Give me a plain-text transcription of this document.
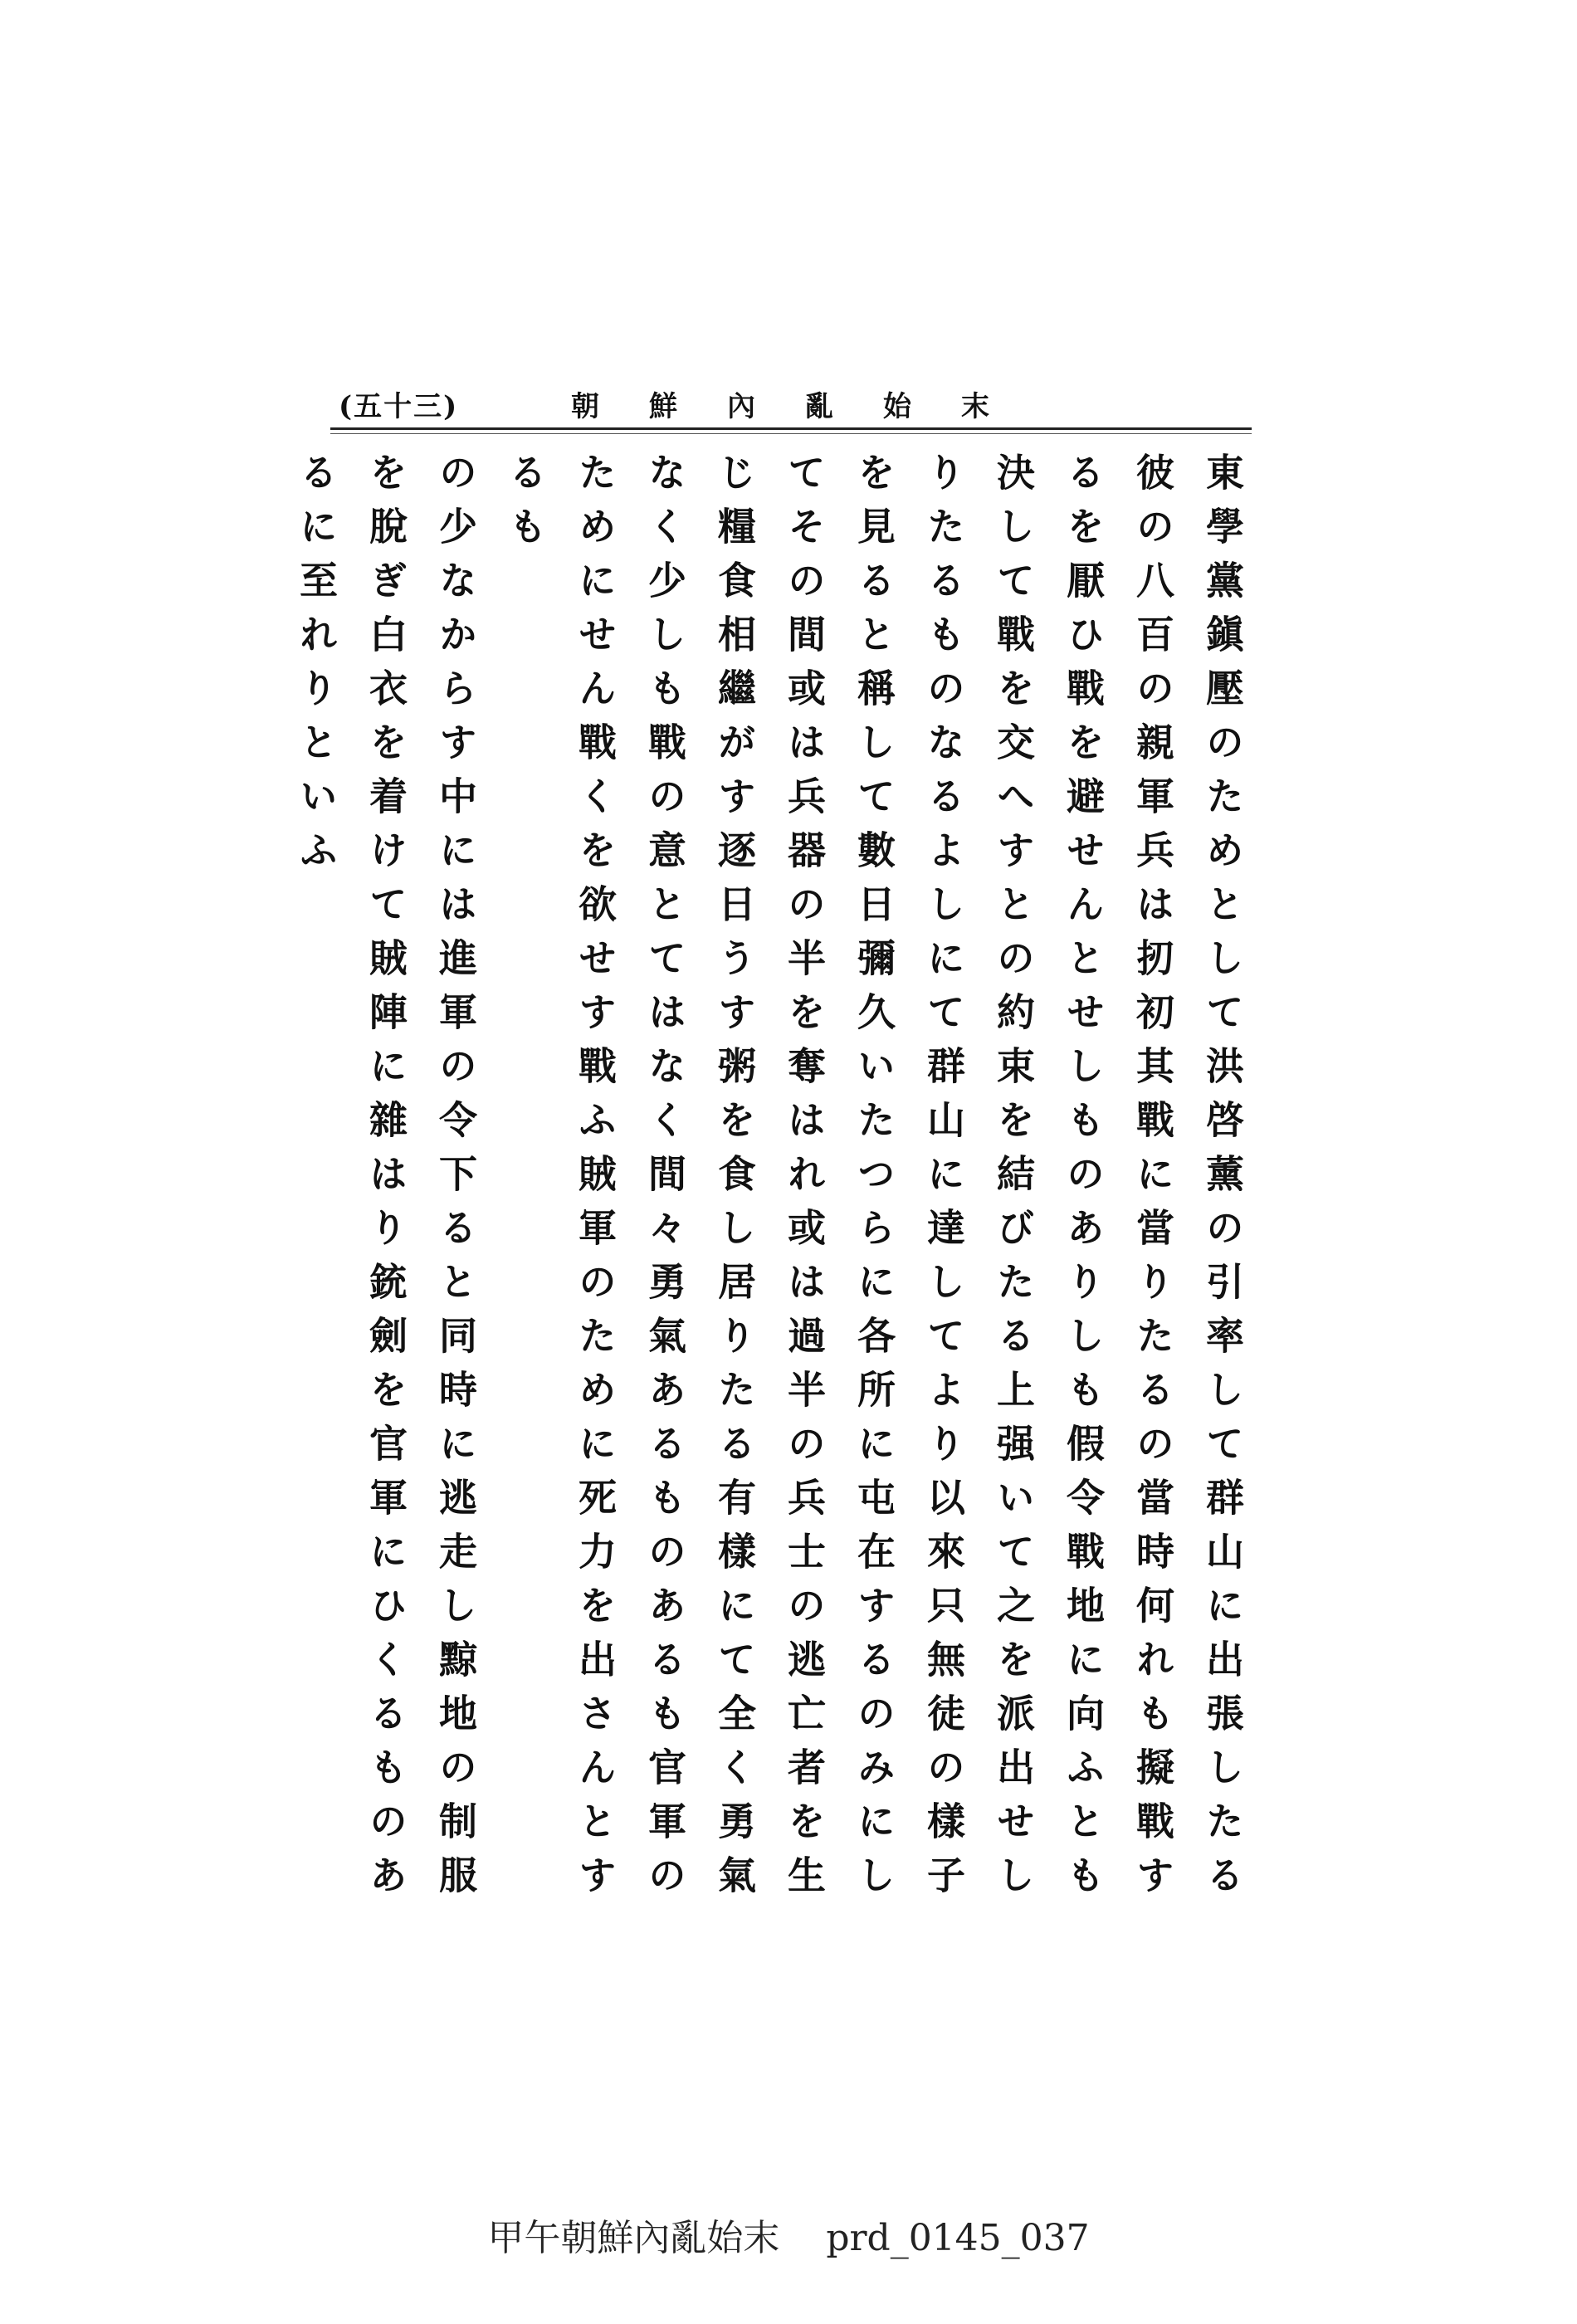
(五十三)	末始亂內鮮朝

東學黨鎭壓のためとして洪啓薰の引率して群山に出張したる

彼の八百の親軍兵は扨初其戰に當りたるの當時何れも擬戰す

るを厭ひ戰を避せんとせしものありしも假令戰地に向ふとも

決して戰を交へすとの約束を結びたる上强いて之を派出せし

りたるものなるよしにて群山に達してより以來只無徒の樣子

を見ると稱して數日彌久いたつらに各所に屯在するのみにし

てその間或は兵器の半を奪はれ或は過半の兵士の逃亡者を生

じ糧食相繼がす逐日うす粥を食し居りたる有樣にて全く勇氣

なく少しも戰の意とてはなく間々勇氣あるものあるも官軍の

ためにせん戰くを欲せす戰ふ賊軍のために死力を出さんとするも

の少なからす中には進軍の令下ると同時に逃走し黥地の制服

を脫ぎ白衣を着けて賊陣に雜はり銃劍を官軍にひくるものあ

るに至れりといふ

甲午朝鮮內亂始末 prd_0145_037
